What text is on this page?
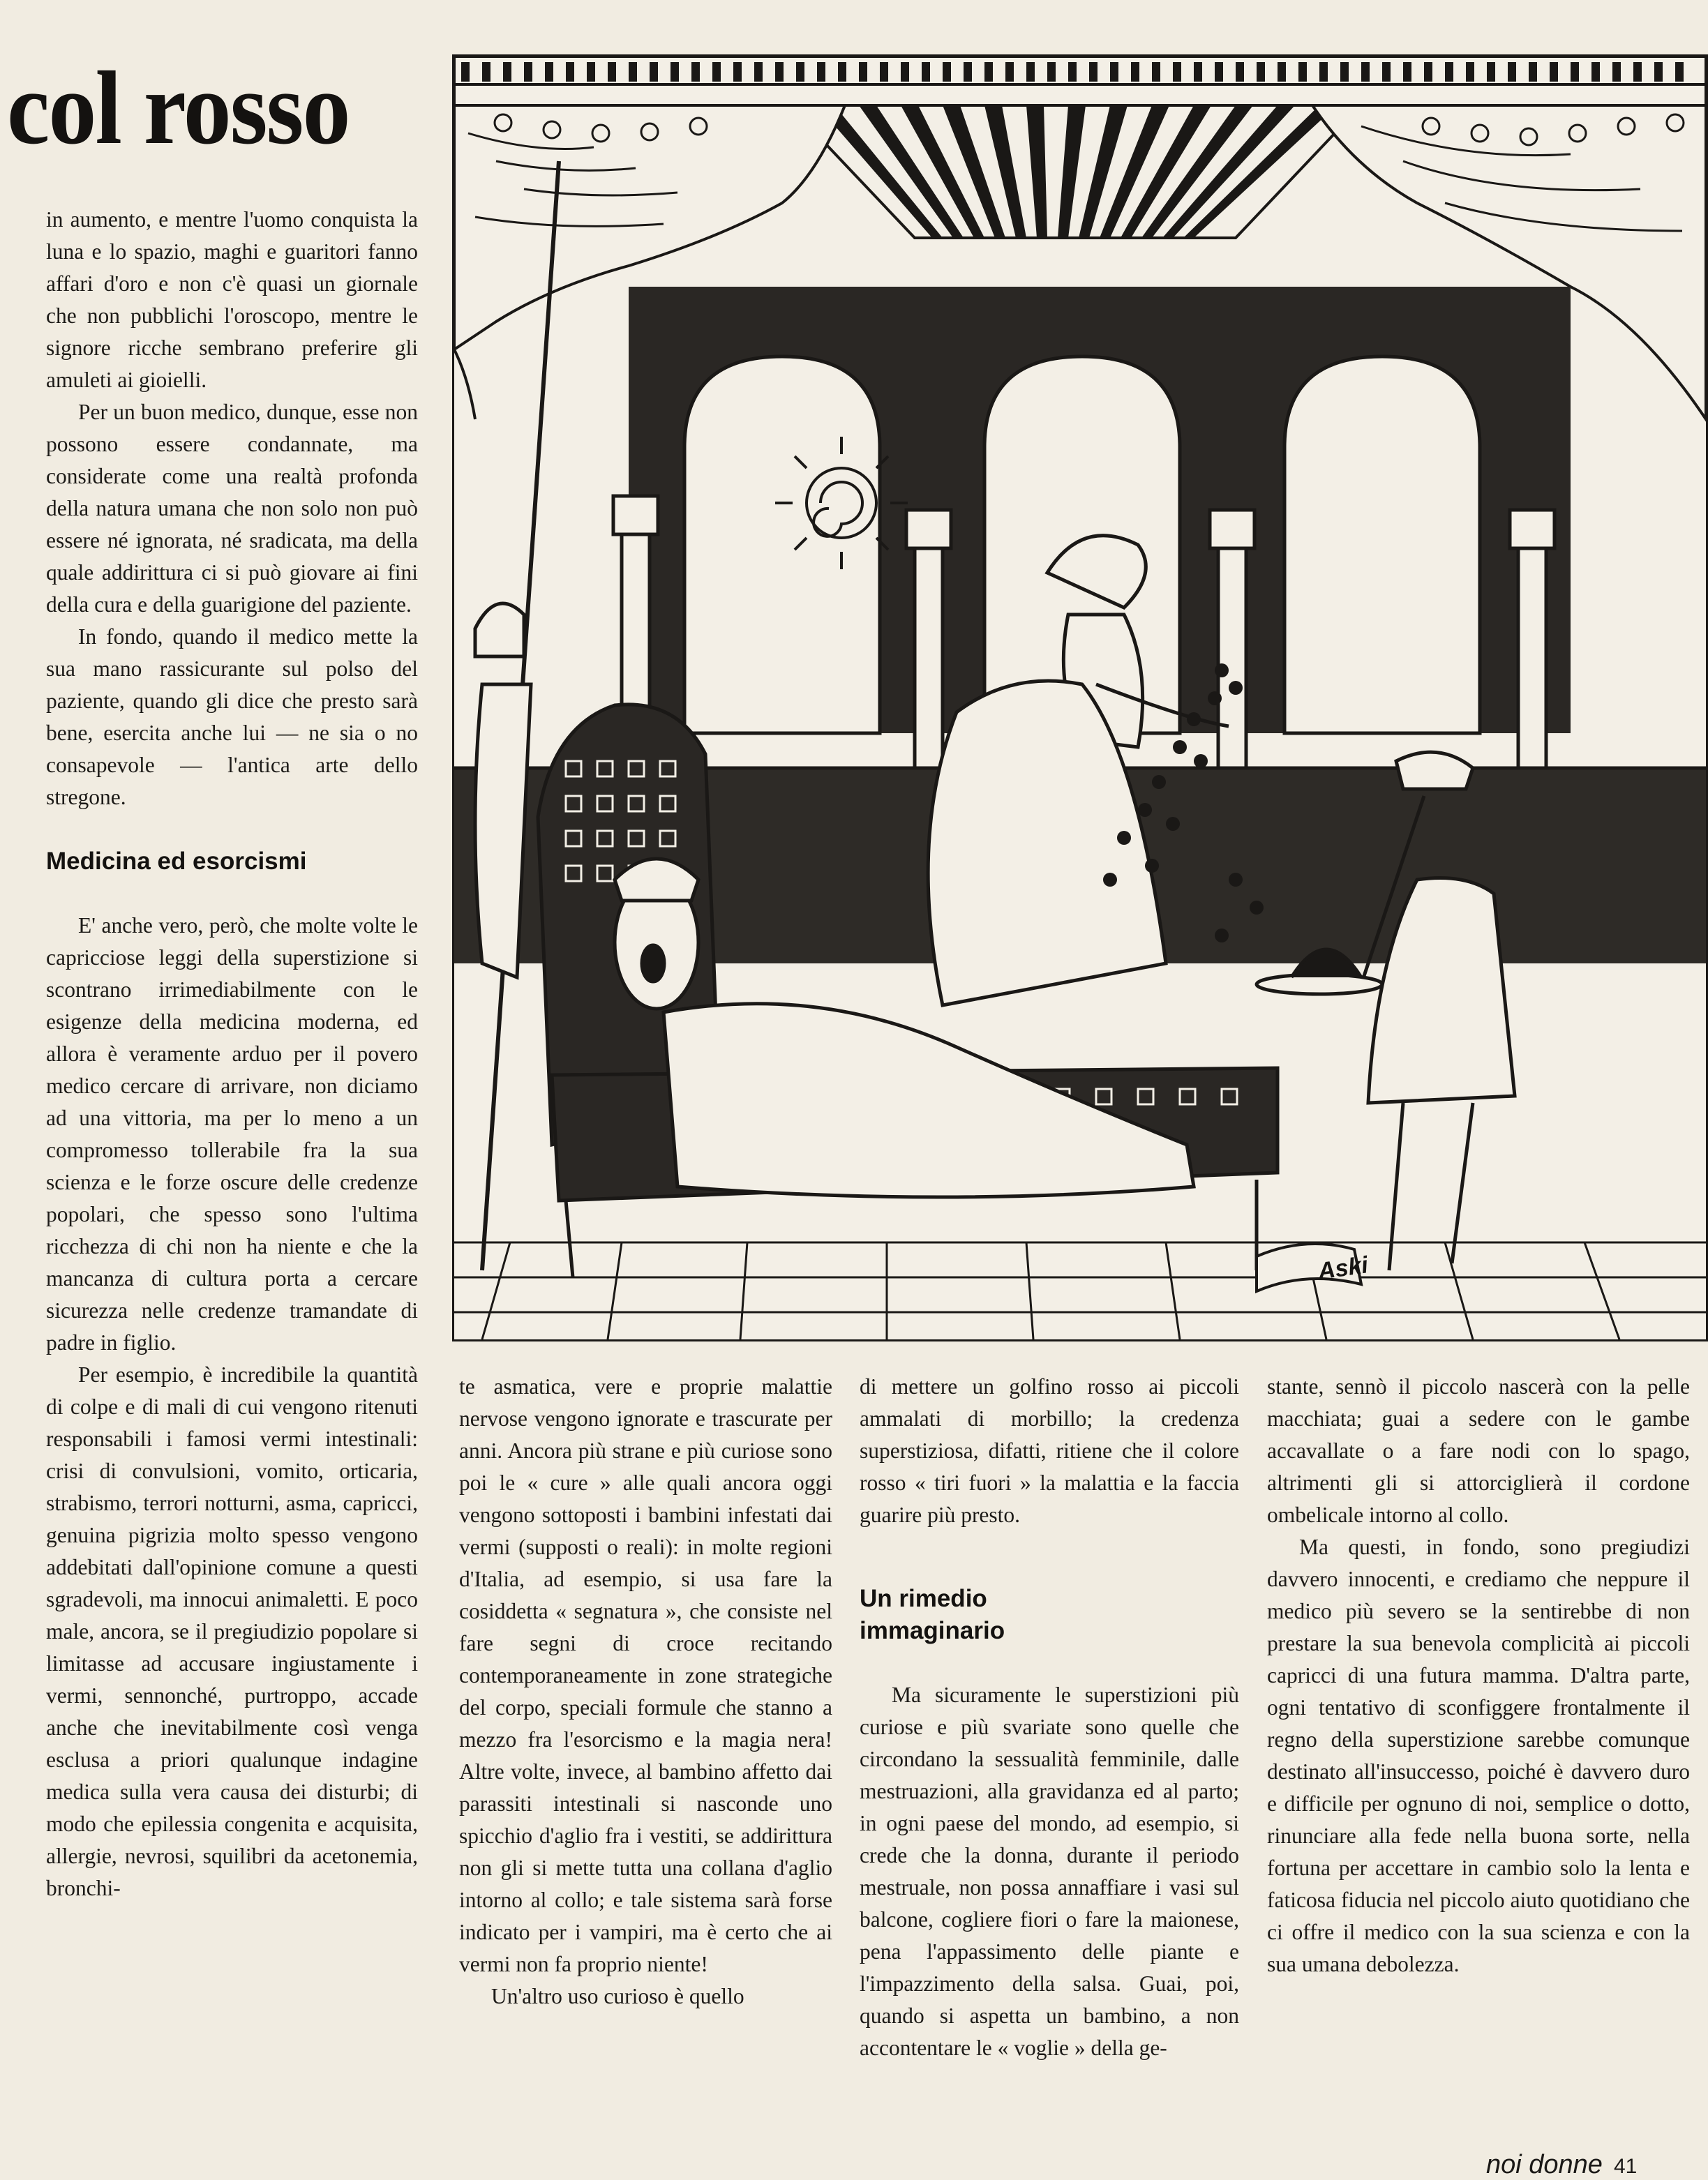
col rosso

in aumento, e mentre l'uomo conquista la luna e lo spazio, maghi e guaritori fanno affari d'oro e non c'è quasi un giornale che non pubblichi l'oroscopo, mentre le signore ricche sembrano preferire gli amuleti ai gioielli.

Per un buon medico, dunque, esse non possono essere condannate, ma considerate come una realtà profonda della natura umana che non solo non può essere né ignorata, né sradicata, ma della quale addirittura ci si può giovare ai fini della cura e della guarigione del paziente.

In fondo, quando il medico mette la sua mano rassicurante sul polso del paziente, quando gli dice che presto sarà bene, esercita anche lui — ne sia o no consapevole — l'antica arte dello stregone.

Medicina ed esorcismi

E' anche vero, però, che molte volte le capricciose leggi della superstizione si scontrano irrimediabilmente con le esigenze della medicina moderna, ed allora è veramente arduo per il povero medico cercare di arrivare, non diciamo ad una vittoria, ma per lo meno a un compromesso tollerabile fra la sua scienza e le forze oscure delle credenze popolari, che spesso sono l'ultima ricchezza di chi non ha niente e che la mancanza di cultura porta a cercare sicurezza nelle credenze tramandate di padre in figlio.

Per esempio, è incredibile la quantità di colpe e di mali di cui vengono ritenuti responsabili i famosi vermi intestinali: crisi di convulsioni, vomito, orticaria, strabismo, terrori notturni, asma, capricci, genuina pigrizia molto spesso vengono addebitati dall'opinione comune a questi sgradevoli, ma innocui animaletti. E poco male, ancora, se il pregiudizio popolare si limitasse ad accusare ingiustamente i vermi, sennonché, purtroppo, accade anche che inevitabilmente così venga esclusa a priori qualunque indagine medica sulla vera causa dei disturbi; di modo che epilessia congenita e acquisita, allergie, nevrosi, squilibri da acetonemia, bronchi-

Aski

te asmatica, vere e proprie malattie nervose vengono ignorate e trascurate per anni. Ancora più strane e più curiose sono poi le « cure » alle quali ancora oggi vengono sottoposti i bambini infestati dai vermi (supposti o reali): in molte regioni d'Italia, ad esempio, si usa fare la cosiddetta « segnatura », che consiste nel fare segni di croce recitando contemporaneamente in zone strategiche del corpo, speciali formule che stanno a mezzo fra l'esorcismo e la magia nera! Altre volte, invece, al bambino affetto dai parassiti intestinali si nasconde uno spicchio d'aglio fra i vestiti, se addirittura non gli si mette tutta una collana d'aglio intorno al collo; e tale sistema sarà forse indicato per i vampiri, ma è certo che ai vermi non fa proprio niente!

Un'altro uso curioso è quello

di mettere un golfino rosso ai piccoli ammalati di morbillo; la credenza superstiziosa, difatti, ritiene che il colore rosso « tiri fuori » la malattia e la faccia guarire più presto.

Un rimedio immaginario

Ma sicuramente le superstizioni più curiose e più svariate sono quelle che circondano la sessualità femminile, dalle mestruazioni, alla gravidanza ed al parto; in ogni paese del mondo, ad esempio, si crede che la donna, durante il periodo mestruale, non possa annaffiare i vasi sul balcone, cogliere fiori o fare la maionese, pena l'appassimento delle piante e l'impazzimento della salsa. Guai, poi, quando si aspetta un bambino, a non accontentare le « voglie » della ge-

stante, sennò il piccolo nascerà con la pelle macchiata; guai a sedere con le gambe accavallate o a fare nodi con lo spago, altrimenti gli si attorciglierà il cordone ombelicale intorno al collo.

Ma questi, in fondo, sono pregiudizi davvero innocenti, e crediamo che neppure il medico più severo se la sentirebbe di non prestare la sua benevola complicità ai piccoli capricci di una futura mamma. D'altra parte, ogni tentativo di sconfiggere frontalmente il regno della superstizione sarebbe comunque destinato all'insuccesso, poiché è davvero duro e difficile per ognuno di noi, semplice o dotto, rinunciare alla fede nella buona sorte, nella fortuna per accettare in cambio solo la lenta e faticosa fiducia nel piccolo aiuto quotidiano che ci offre il medico con la sua scienza e con la sua umana debolezza.

noi donne 41
